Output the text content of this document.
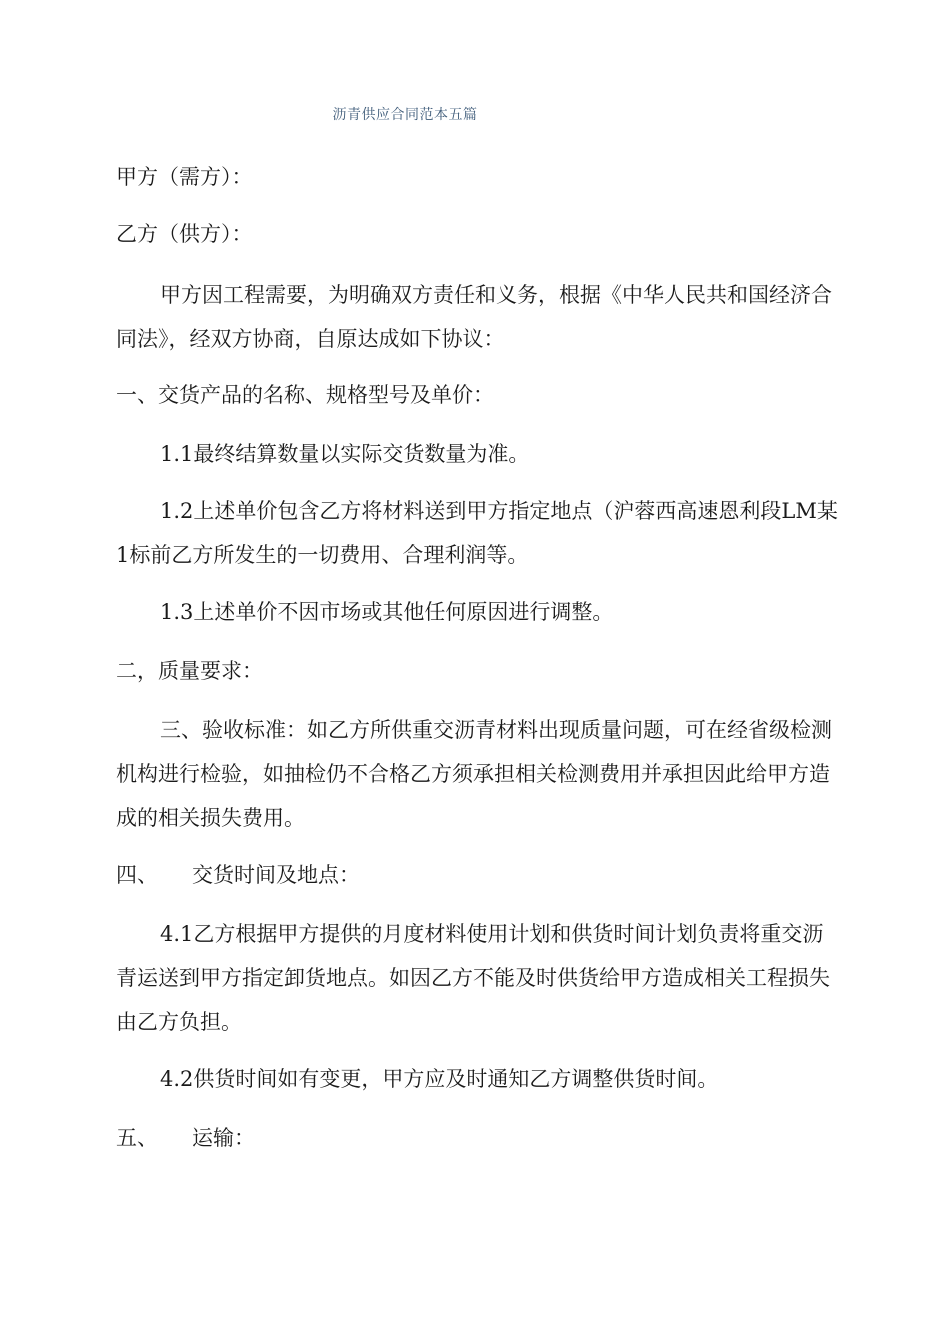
沥青供应合同范本五篇

甲方（需方）：

乙方（供方）：

甲方因工程需要，为明确双方责任和义务，根据《中华人民共和国经济合同法》，经双方协商，自原达成如下协议：

一、交货产品的名称、规格型号及单价：

1.1最终结算数量以实际交货数量为准。

1.2上述单价包含乙方将材料送到甲方指定地点（沪蓉西高速恩利段LM某1标前乙方所发生的一切费用、合理利润等。

1.3上述单价不因市场或其他任何原因进行调整。

二，质量要求：

三、验收标准：如乙方所供重交沥青材料出现质量问题，可在经省级检测机构进行检验，如抽检仍不合格乙方须承担相关检测费用并承担因此给甲方造成的相关损失费用。

四、 交货时间及地点：

4.1乙方根据甲方提供的月度材料使用计划和供货时间计划负责将重交沥青运送到甲方指定卸货地点。如因乙方不能及时供货给甲方造成相关工程损失由乙方负担。

4.2供货时间如有变更，甲方应及时通知乙方调整供货时间。

五、 运输：
